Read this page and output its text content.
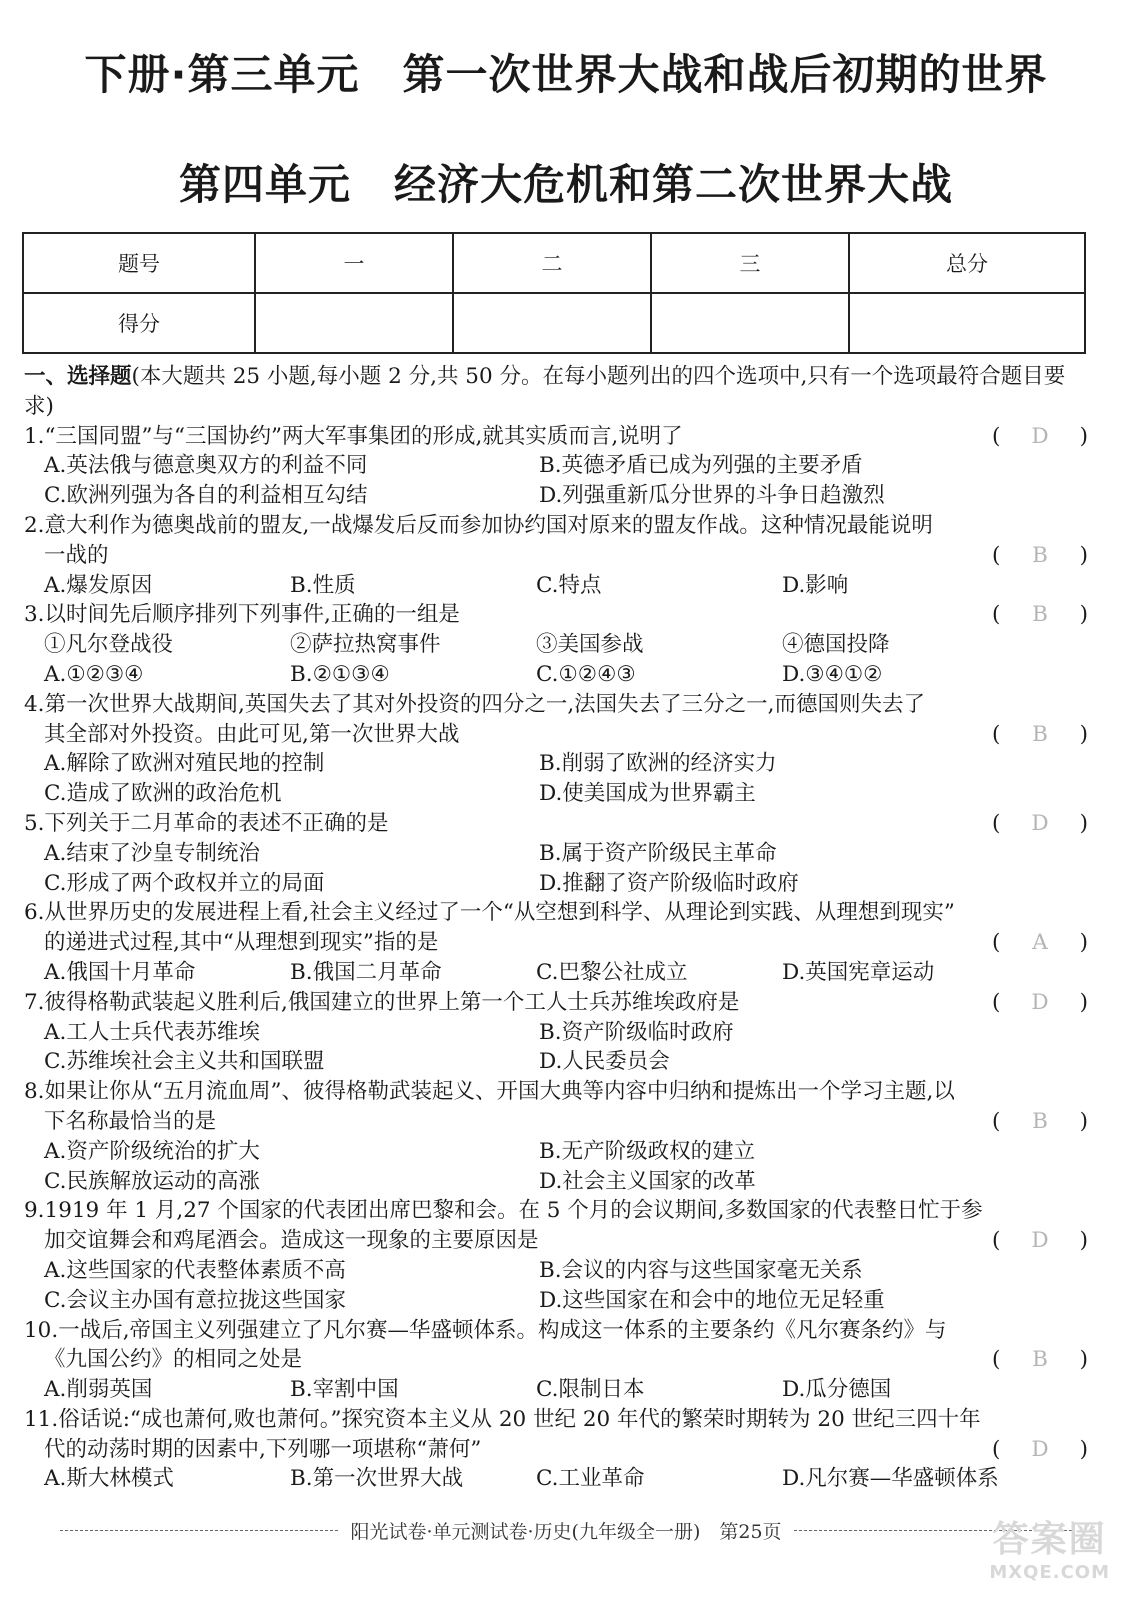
下册·第三单元　第一次世界大战和战后初期的世界
第四单元　经济大危机和第二次世界大战
题号	一	二	三	总分
得分				
一、选择题(本大题共 25 小题,每小题 2 分,共 50 分。在每小题列出的四个选项中,只有一个选项最符合题目要求)
1.“三国同盟”与“三国协约”两大军事集团的形成,就其实质而言,说明了	( D )
A.英法俄与德意奥双方的利益不同	B.英德矛盾已成为列强的主要矛盾
C.欧洲列强为各自的利益相互勾结	D.列强重新瓜分世界的斗争日趋激烈
2.意大利作为德奥战前的盟友,一战爆发后反而参加协约国对原来的盟友作战。这种情况最能说明
一战的	( B )
A.爆发原因	B.性质	C.特点	D.影响
3.以时间先后顺序排列下列事件,正确的一组是	( B )
①凡尔登战役	②萨拉热窝事件	③美国参战	④德国投降
A.①②③④	B.②①③④	C.①②④③	D.③④①②
4.第一次世界大战期间,英国失去了其对外投资的四分之一,法国失去了三分之一,而德国则失去了
其全部对外投资。由此可见,第一次世界大战	( B )
A.解除了欧洲对殖民地的控制	B.削弱了欧洲的经济实力
C.造成了欧洲的政治危机	D.使美国成为世界霸主
5.下列关于二月革命的表述不正确的是	( D )
A.结束了沙皇专制统治	B.属于资产阶级民主革命
C.形成了两个政权并立的局面	D.推翻了资产阶级临时政府
6.从世界历史的发展进程上看,社会主义经过了一个“从空想到科学、从理论到实践、从理想到现实”
的递进式过程,其中“从理想到现实”指的是	( A )
A.俄国十月革命	B.俄国二月革命	C.巴黎公社成立	D.英国宪章运动
7.彼得格勒武装起义胜利后,俄国建立的世界上第一个工人士兵苏维埃政府是	( D )
A.工人士兵代表苏维埃	B.资产阶级临时政府
C.苏维埃社会主义共和国联盟	D.人民委员会
8.如果让你从“五月流血周”、彼得格勒武装起义、开国大典等内容中归纳和提炼出一个学习主题,以
下名称最恰当的是	( B )
A.资产阶级统治的扩大	B.无产阶级政权的建立
C.民族解放运动的高涨	D.社会主义国家的改革
9.1919 年 1 月,27 个国家的代表团出席巴黎和会。在 5 个月的会议期间,多数国家的代表整日忙于参
加交谊舞会和鸡尾酒会。造成这一现象的主要原因是	( D )
A.这些国家的代表整体素质不高	B.会议的内容与这些国家毫无关系
C.会议主办国有意拉拢这些国家	D.这些国家在和会中的地位无足轻重
10.一战后,帝国主义列强建立了凡尔赛—华盛顿体系。构成这一体系的主要条约《凡尔赛条约》与
《九国公约》的相同之处是	( B )
A.削弱英国	B.宰割中国	C.限制日本	D.瓜分德国
11.俗话说:“成也萧何,败也萧何。”探究资本主义从 20 世纪 20 年代的繁荣时期转为 20 世纪三四十年
代的动荡时期的因素中,下列哪一项堪称“萧何”	( D )
A.斯大林模式	B.第一次世界大战	C.工业革命	D.凡尔赛—华盛顿体系
阳光试卷·单元测试卷·历史(九年级全一册)　第25页	答案圈
MXQE.COM
